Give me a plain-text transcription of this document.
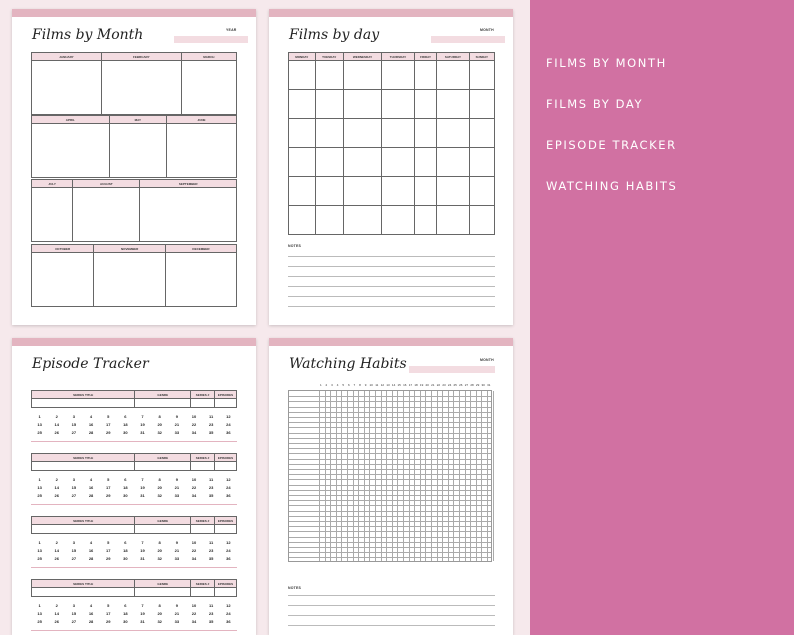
FILMS BY MONTH
FILMS BY DAY
EPISODE TRACKER
WATCHING HABITS
Films by Month	YEAR
JANUARY	FEBRUARY	MARCH

APRIL	MAY	JUNE

JULY	AUGUST	SEPTEMBER

OCTOBER	NOVEMBER	DECEMBER

Films by day	MONTH
MONDAY	TUESDAY	WEDNESDAY	THURSDAY	FRIDAY	SATURDAY	SUNDAY

NOTES
Episode Tracker
SERIES TITLE	GENRE	SERIES #	EPISODES

1	2	3	4	5	6	7	8	9	10	11	12
13	14	15	16	17	18	19	20	21	22	23	24
25	26	27	28	29	30	31	32	33	34	35	36
SERIES TITLE	GENRE	SERIES #	EPISODES

1	2	3	4	5	6	7	8	9	10	11	12
13	14	15	16	17	18	19	20	21	22	23	24
25	26	27	28	29	30	31	32	33	34	35	36
SERIES TITLE	GENRE	SERIES #	EPISODES

1	2	3	4	5	6	7	8	9	10	11	12
13	14	15	16	17	18	19	20	21	22	23	24
25	26	27	28	29	30	31	32	33	34	35	36
SERIES TITLE	GENRE	SERIES #	EPISODES

1	2	3	4	5	6	7	8	9	10	11	12
13	14	15	16	17	18	19	20	21	22	23	24
25	26	27	28	29	30	31	32	33	34	35	36
Watching Habits	MONTH
1	2	3	4	5	6	7	8	9	10 11 12 13 14 15 16 17 18 19 20 21 22 23 24 25 26 27 28 29 30 31
NOTES
